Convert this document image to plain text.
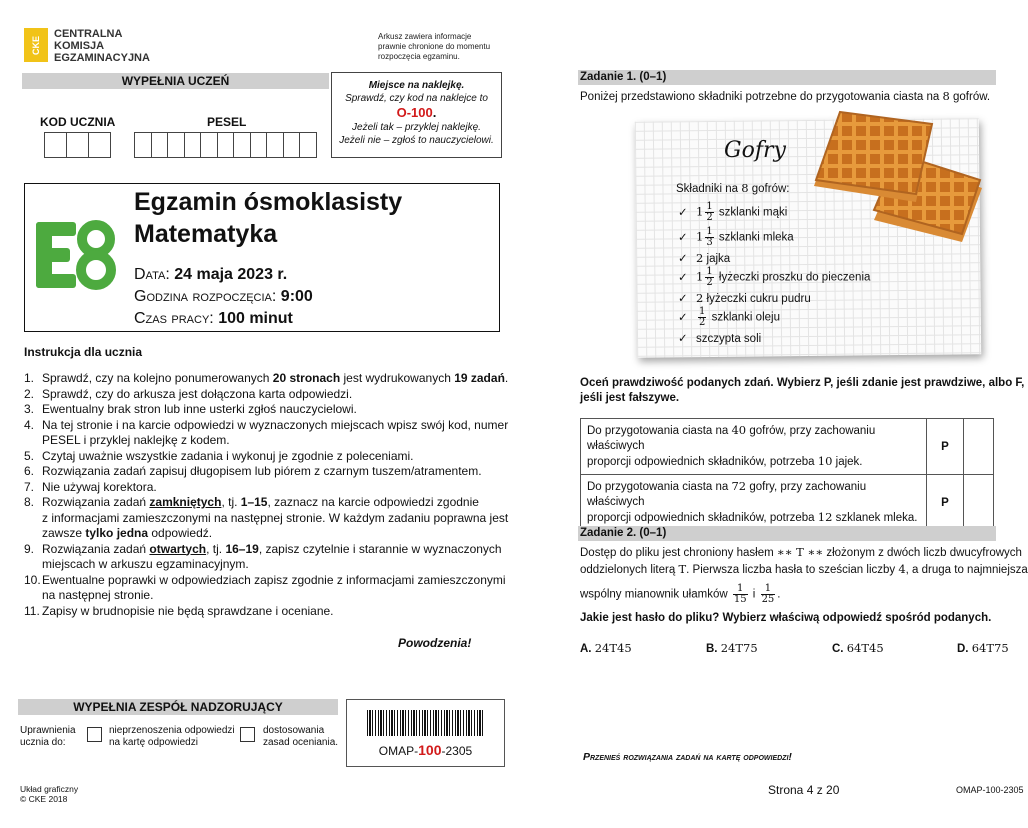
CKE
CENTRALNA
KOMISJA
EGZAMINACYJNA
Arkusz zawiera informacje
prawnie chronione do momentu
rozpoczęcia egzaminu.
WYPEŁNIA UCZEŃ
KOD UCZNIA	PESEL
Miejsce na naklejkę.
Sprawdź, czy kod na naklejce to
O-100.
Jeżeli tak – przyklej naklejkę.
Jeżeli nie – zgłoś to nauczycielowi.
Egzamin ósmoklasisty
Matematyka
Data: 24 maja 2023 r.
Godzina rozpoczęcia: 9:00
Czas pracy: 100 minut
Instrukcja dla ucznia
1. Sprawdź, czy na kolejno ponumerowanych 20 stronach jest wydrukowanych 19 zadań.
2. Sprawdź, czy do arkusza jest dołączona karta odpowiedzi.
3. Ewentualny brak stron lub inne usterki zgłoś nauczycielowi.
4. Na tej stronie i na karcie odpowiedzi w wyznaczonych miejscach wpisz swój kod, numer
PESEL i przyklej naklejkę z kodem.
5. Czytaj uważnie wszystkie zadania i wykonuj je zgodnie z poleceniami.
6. Rozwiązania zadań zapisuj długopisem lub piórem z czarnym tuszem/atramentem.
7. Nie używaj korektora.
8. Rozwiązania zadań zamkniętych, tj. 1–15, zaznacz na karcie odpowiedzi zgodnie
z informacjami zamieszczonymi na następnej stronie. W każdym zadaniu poprawna jest
zawsze tylko jedna odpowiedź.
9. Rozwiązania zadań otwartych, tj. 16–19, zapisz czytelnie i starannie w wyznaczonych
miejscach w arkuszu egzaminacyjnym.
10.Ewentualne poprawki w odpowiedziach zapisz zgodnie z informacjami zamieszczonymi
na następnej stronie.
11. Zapisy w brudnopisie nie będą sprawdzane i oceniane.
Powodzenia!
WYPEŁNIA ZESPÓŁ NADZORUJĄCY
Uprawnienia ucznia do:
nieprzenoszenia odpowiedzi na kartę odpowiedzi
dostosowania zasad oceniania.
OMAP-100-2305
Układ graficzny
© CKE 2018
Zadanie 1. (0–1)
Poniżej przedstawiono składniki potrzebne do przygotowania ciasta na 8 gofrów.
Gofry
Składniki na 8 gofrów:
✓ $1 \frac{1}{2}$ szklanki mąki
✓ $1 \frac{1}{3}$ szklanki mleka
✓ 2 jajka
✓ $1 \frac{1}{2}$ łyżeczki proszku do pieczenia
✓ 2 łyżeczki cukru pudru
✓ $\frac{1}{2}$ szklanki oleju
✓ szczypta soli
Oceń prawdziwość podanych zdań. Wybierz P, jeśli zdanie jest prawdziwe, albo F,
jeśli jest fałszywe.
Do przygotowania ciasta na 40 gofrów, przy zachowaniu właściwych
proporcji odpowiednich składników, potrzeba 10 jajek.	P	
Do przygotowania ciasta na 72 gofry, przy zachowaniu właściwych
proporcji odpowiednich składników, potrzeba 12 szklanek mleka.	P	
Zadanie 2. (0–1)
Dostęp do pliku jest chroniony hasłem ∗∗ T ∗∗ złożonym z dwóch liczb dwucyfrowych
oddzielonych literą T. Pierwsza liczba hasła to sześcian liczby 4, a druga to najmniejsza
wspólny mianownik ułamków $\frac{1}{15}$ i $\frac{1}{25}$ .
Jakie jest hasło do pliku? Wybierz właściwą odpowiedź spośród podanych.
A. 24T45	B. 24T75	C. 64T45	D. 64T75
Przenieś rozwiązania zadań na kartę odpowiedzi!
Strona 4 z 20	OMAP-100-2305
